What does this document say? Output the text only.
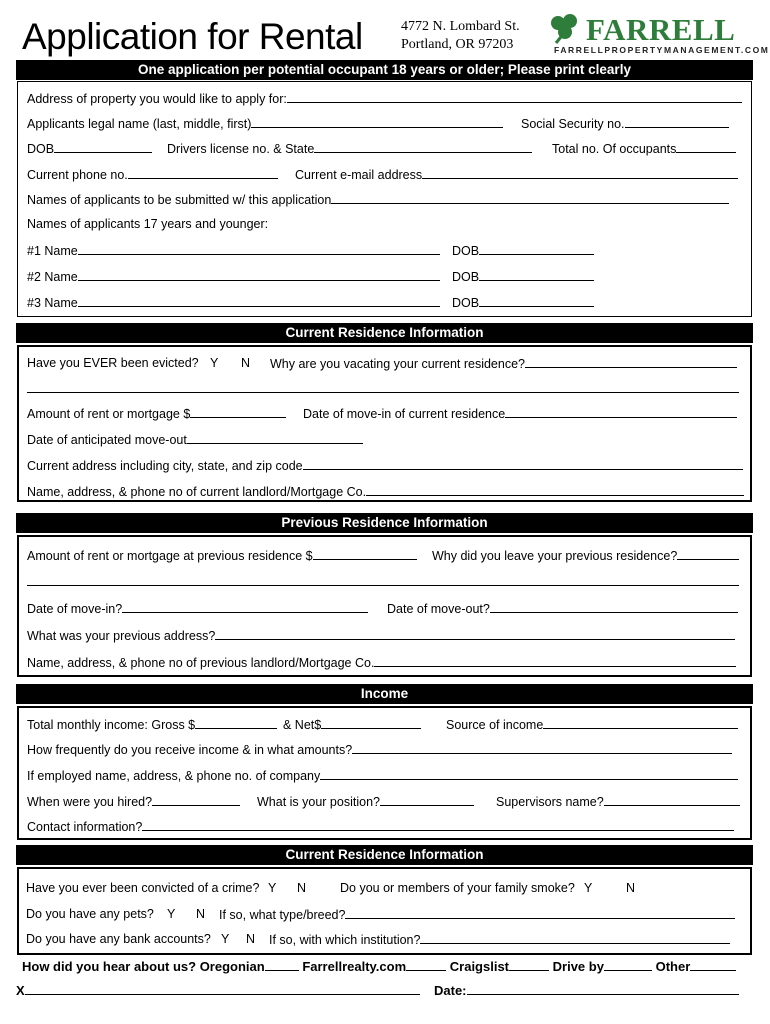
Application for Rental	4772 N. Lombard St.
Portland, OR 97203 FARRELL
FARRELLPROPERTYMANAGEMENT.COM
One application per potential occupant 18 years or older; Please print clearly
Address of property you would like to apply for:
Applicants legal name (last, middle, first)	Social Security no.
DOB	Drivers license no. & State	Total no. Of occupants
Current phone no.	Current e-mail address
Names of applicants to be submitted w/ this application
Names of applicants 17 years and younger:
#1 Name	DOB
#2 Name	DOB
#3 Name	DOB
Current Residence Information
Have you EVER been evicted? Y N Why are you vacating your current residence?
Amount of rent or mortgage $	Date of move-in of current residence
Date of anticipated move-out
Current address including city, state, and zip code
Name, address, & phone no of current landlord/Mortgage Co.
Previous Residence Information
Amount of rent or mortgage at previous residence $	Why did you leave your previous residence?
Date of move-in?	Date of move-out?
What was your previous address?
Name, address, & phone no of previous landlord/Mortgage Co.
Income
Total monthly income: Gross $	& Net$	Source of income
How frequently do you receive income & in what amounts?
If employed name, address, & phone no. of company
When were you hired?	What is your position?	Supervisors name?
Contact information?
Current Residence Information
Have you ever been convicted of a crime? Y N	Do you or members of your family smoke? Y	N
Do you have any pets? Y N If so, what type/breed?
Do you have any bank accounts? Y N If so, with which institution?
How did you hear about us? Oregonian	Farrellrealty.com	Craigslist	Drive by	Other
X	Date:
